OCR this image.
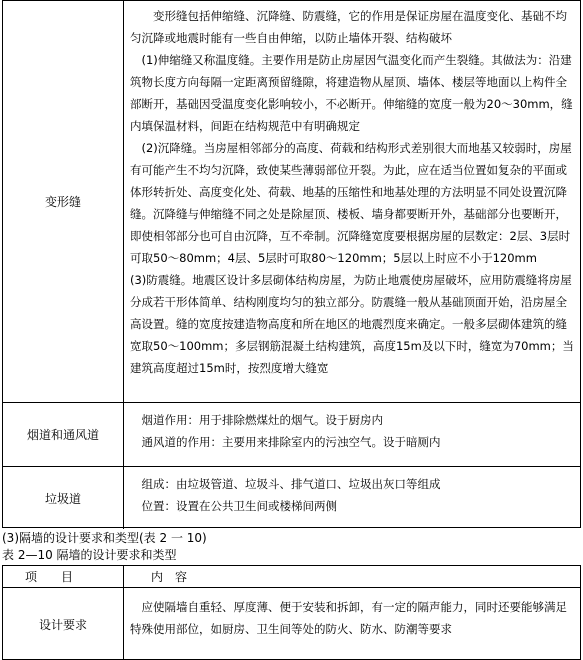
变形缝

　　变形缝包括伸缩缝、沉降缝、防震缝，它的作用是保证房屋在温度变化、基础不均匀沉降或地震时能有一些自由伸缩，以防止墙体开裂、结构破坏

　(1)伸缩缝又称温度缝。主要作用是防止房屋因气温变化而产生裂缝。其做法为：沿建筑物长度方向每隔一定距离预留缝隙，将建造物从屋顶、墙体、楼层等地面以上构件全部断开，基础因受温度变化影响较小，不必断开。伸缩缝的宽度一般为20～30mm，缝内填保温材料，间距在结构规范中有明确规定

　(2)沉降缝。当房屋相邻部分的高度、荷载和结构形式差别很大而地基又较弱时，房屋有可能产生不均匀沉降，致使某些薄弱部位开裂。为此，应在适当位置如复杂的平面或体形转折处、高度变化处、荷载、地基的压缩性和地基处理的方法明显不同处设置沉降缝。沉降缝与伸缩缝不同之处是除屋顶、楼板、墙身都要断开外，基础部分也要断开，即使相邻部分也可自由沉降，互不牵制。沉降缝宽度要根据房屋的层数定：2层、3层时可取50～80mm；4层、5层时可取80～120mm；5层以上时应不小于120mm

(3)防震缝。地震区设计多层砌体结构房屋，为防止地震使房屋破坏，应用防震缝将房屋分成若干形体简单、结构刚度均匀的独立部分。防震缝一般从基础顶面开始，沿房屋全高设置。缝的宽度按建造物高度和所在地区的地震烈度来确定。一般多层砌体建筑的缝宽取50～100mm；多层钢筋混凝土结构建筑，高度15m及以下时，缝宽为70mm；当建筑高度超过15m时，按烈度增大缝宽

烟道和通风道

　烟道作用：用于排除燃煤灶的烟气。设于厨房内

　通风道的作用：主要用来排除室内的污浊空气。设于暗厕内

垃圾道

　组成：由垃圾管道、垃圾斗、排气道口、垃圾出灰口等组成

　位置：设置在公共卫生间或楼梯间两侧

(3)隔墙的设计要求和类型(表 2 一 10)
表 2—10 隔墙的设计要求和类型
项　　目	内　容
设计要求

　应使隔墙自重轻、厚度薄、便于安装和拆卸，有一定的隔声能力，同时还要能够满足特殊使用部位，如厨房、卫生间等处的防火、防水、防潮等要求
